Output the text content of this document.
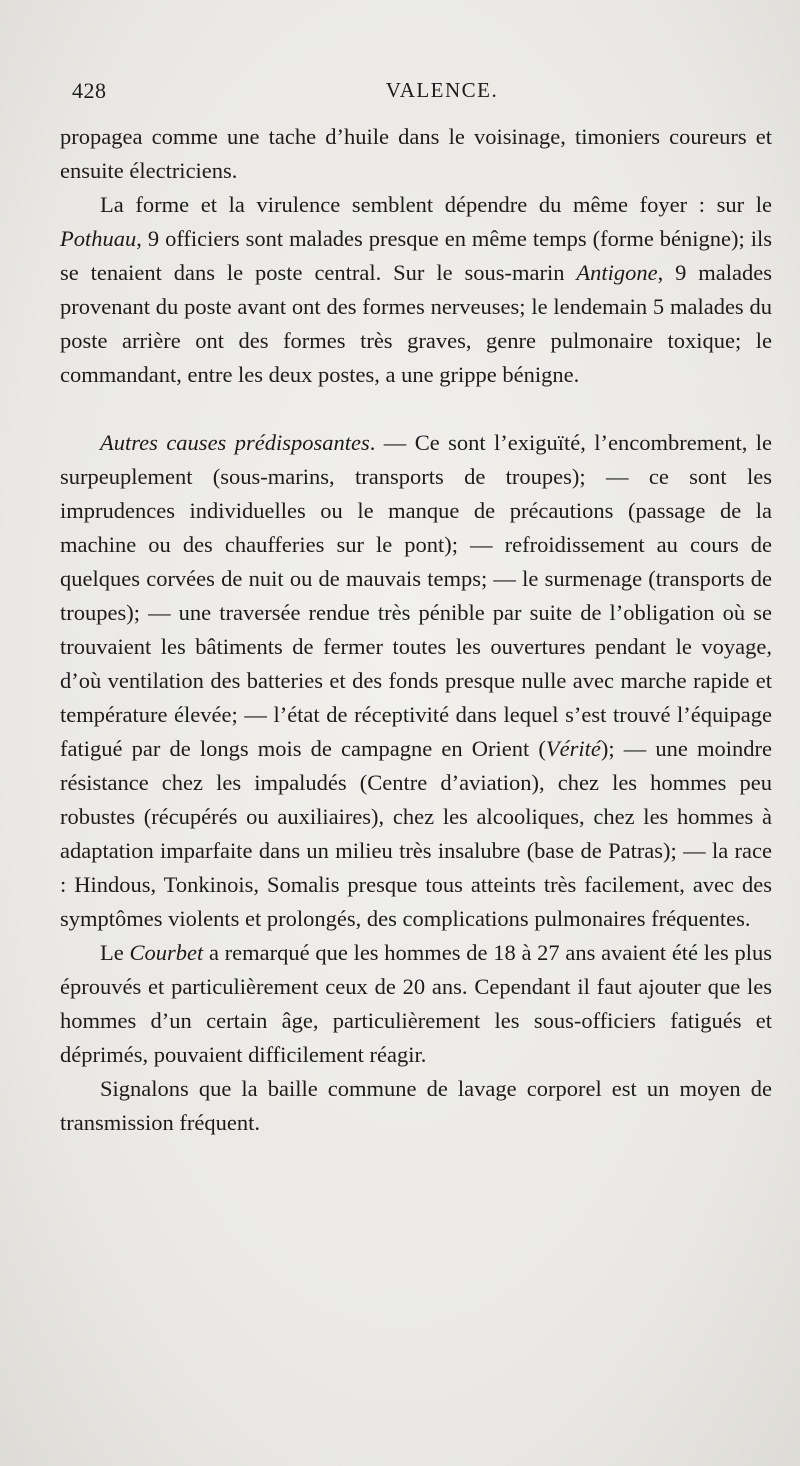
428	VALENCE.

propagea comme une tache d’huile dans le voisinage, timoniers coureurs et ensuite électriciens.

La forme et la virulence semblent dépendre du même foyer : sur le Pothuau, 9 officiers sont malades presque en même temps (forme bénigne); ils se tenaient dans le poste central. Sur le sous-marin Antigone, 9 malades provenant du poste avant ont des formes nerveuses; le lendemain 5 malades du poste arrière ont des formes très graves, genre pulmonaire toxique; le commandant, entre les deux postes, a une grippe bénigne.

Autres causes prédisposantes. — Ce sont l’exiguïté, l’encombrement, le surpeuplement (sous-marins, transports de troupes); — ce sont les imprudences individuelles ou le manque de précautions (passage de la machine ou des chaufferies sur le pont); — refroidissement au cours de quelques corvées de nuit ou de mauvais temps; — le surmenage (transports de troupes); — une traversée rendue très pénible par suite de l’obligation où se trouvaient les bâtiments de fermer toutes les ouvertures pendant le voyage, d’où ventilation des batteries et des fonds presque nulle avec marche rapide et température élevée; — l’état de réceptivité dans lequel s’est trouvé l’équipage fatigué par de longs mois de campagne en Orient (Vérité); — une moindre résistance chez les impaludés (Centre d’aviation), chez les hommes peu robustes (récupérés ou auxiliaires), chez les alcooliques, chez les hommes à adaptation imparfaite dans un milieu très insalubre (base de Patras); — la race : Hindous, Tonkinois, Somalis presque tous atteints très facilement, avec des symptômes violents et prolongés, des complications pulmonaires fréquentes.

Le Courbet a remarqué que les hommes de 18 à 27 ans avaient été les plus éprouvés et particulièrement ceux de 20 ans. Cependant il faut ajouter que les hommes d’un certain âge, particulièrement les sous-officiers fatigués et déprimés, pouvaient difficilement réagir.

Signalons que la baille commune de lavage corporel est un moyen de transmission fréquent.
